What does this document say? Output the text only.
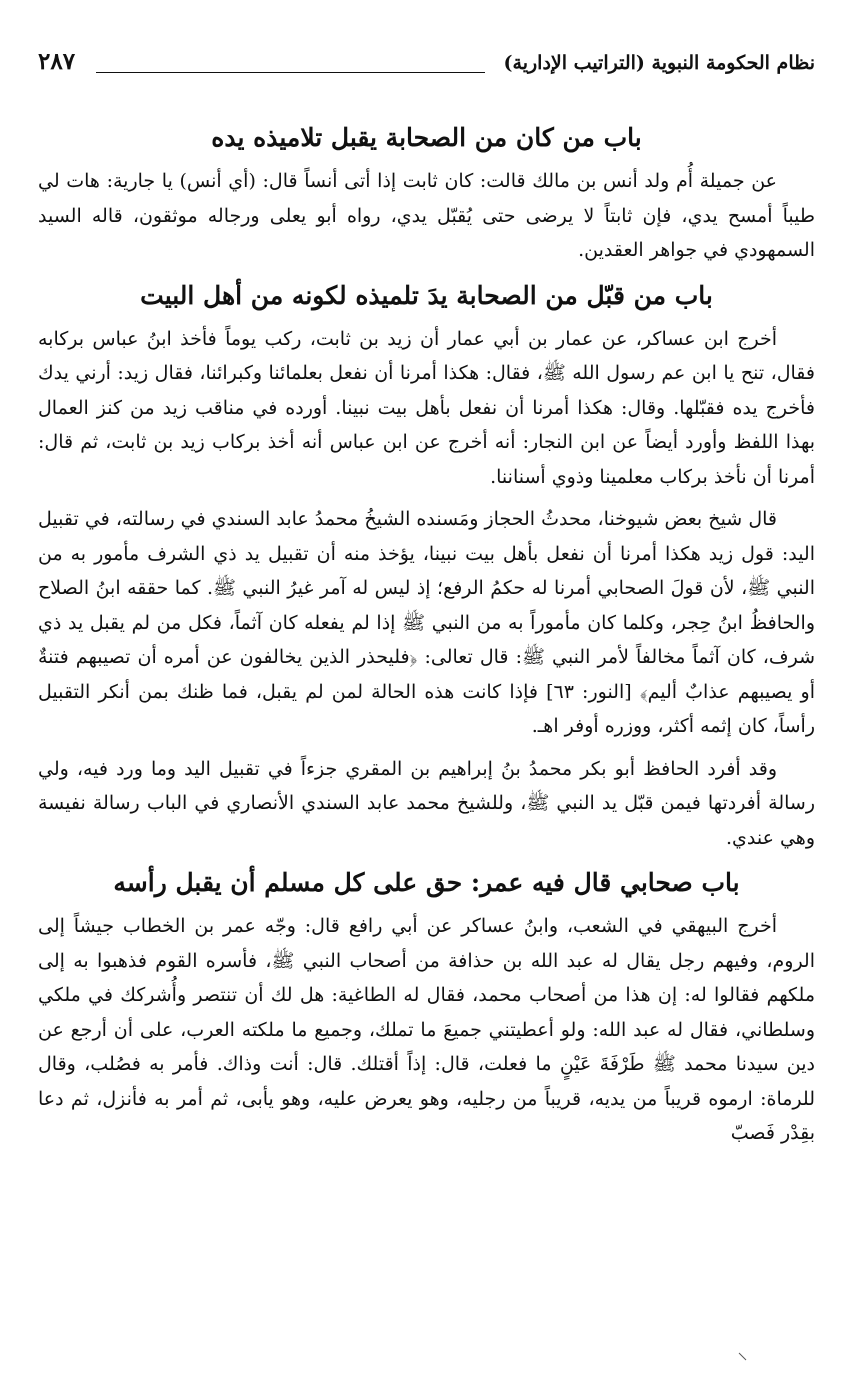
نظام الحكومة النبوية (التراتيب الإدارية)
٢٨٧
باب من كان من الصحابة يقبل تلاميذه يده

عن جميلة أُم ولد أنس بن مالك قالت: كان ثابت إذا أتى أنساً قال: (أي أنس) يا جارية: هات لي طيباً أمسح يدي، فإن ثابتاً لا يرضى حتى يُقبّل يدي، رواه أبو يعلى ورجاله موثقون، قاله السيد السمهودي في جواهر العقدين.

باب من قبّل من الصحابة يدَ تلميذه لكونه من أهل البيت

أخرج ابن عساكر، عن عمار بن أبي عمار أن زيد بن ثابت، ركب يوماً فأخذ ابنُ عباس بركابه فقال، تنح يا ابن عم رسول الله ﷺ، فقال: هكذا أمرنا أن نفعل بعلمائنا وكبرائنا، فقال زيد: أرني يدك فأخرج يده فقبّلها. وقال: هكذا أمرنا أن نفعل بأهل بيت نبينا. أورده في مناقب زيد من كنز العمال بهذا اللفظ وأورد أيضاً عن ابن النجار: أنه أخرج عن ابن عباس أنه أخذ بركاب زيد بن ثابت، ثم قال: أمرنا أن نأخذ بركاب معلمينا وذوي أسناننا.

قال شيخ بعض شيوخنا، محدثُ الحجاز ومَسنده الشيخُ محمدُ عابد السندي في رسالته، في تقبيل اليد: قول زيد هكذا أمرنا أن نفعل بأهل بيت نبينا، يؤخذ منه أن تقبيل يد ذي الشرف مأمور به من النبي ﷺ، لأن قولَ الصحابي أمرنا له حكمُ الرفع؛ إذ ليس له آمر غيرُ النبي ﷺ. كما حققه ابنُ الصلاح والحافظُ ابنُ حِجر، وكلما كان مأموراً به من النبي ﷺ إذا لم يفعله كان آثماً، فكل من لم يقبل يد ذي شرف، كان آثماً مخالفاً لأمر النبي ﷺ: قال تعالى: ﴿فليحذر الذين يخالفون عن أمره أن تصيبهم فتنةٌ أو يصيبهم عذابٌ أليم﴾ [النور: ٦٣] فإذا كانت هذه الحالة لمن لم يقبل، فما ظنك بمن أنكر التقبيل رأساً، كان إثمه أكثر، ووزره أوفر اهـ.

وقد أفرد الحافظ أبو بكر محمدُ بنُ إبراهيم بن المقري جزءاً في تقبيل اليد وما ورد فيه، ولي رسالة أفردتها فيمن قبّل يد النبي ﷺ، وللشيخ محمد عابد السندي الأنصاري في الباب رسالة نفيسة وهي عندي.

باب صحابي قال فيه عمر: حق على كل مسلم أن يقبل رأسه

أخرج البيهقي في الشعب، وابنُ عساكر عن أبي رافع قال: وجّه عمر بن الخطاب جيشاً إلى الروم، وفيهم رجل يقال له عبد الله بن حذافة من أصحاب النبي ﷺ، فأسره القوم فذهبوا به إلى ملكهم فقالوا له: إن هذا من أصحاب محمد، فقال له الطاغية: هل لك أن تنتصر وأُشركك في ملكي وسلطاني، فقال له عبد الله: ولو أعطيتني جميعَ ما تملك، وجميع ما ملكته العرب، على أن أرجع عن دين سيدنا محمد ﷺ طَرْفَةَ عَيْنٍ ما فعلت، قال: إذاً أقتلك. قال: أنت وذاك. فأمر به فصُلب، وقال للرماة: ارموه قريباً من يديه، قريباً من رجليه، وهو يعرض عليه، وهو يأبى، ثم أمر به فأنزل، ثم دعا بقِدْر فَصبّ
